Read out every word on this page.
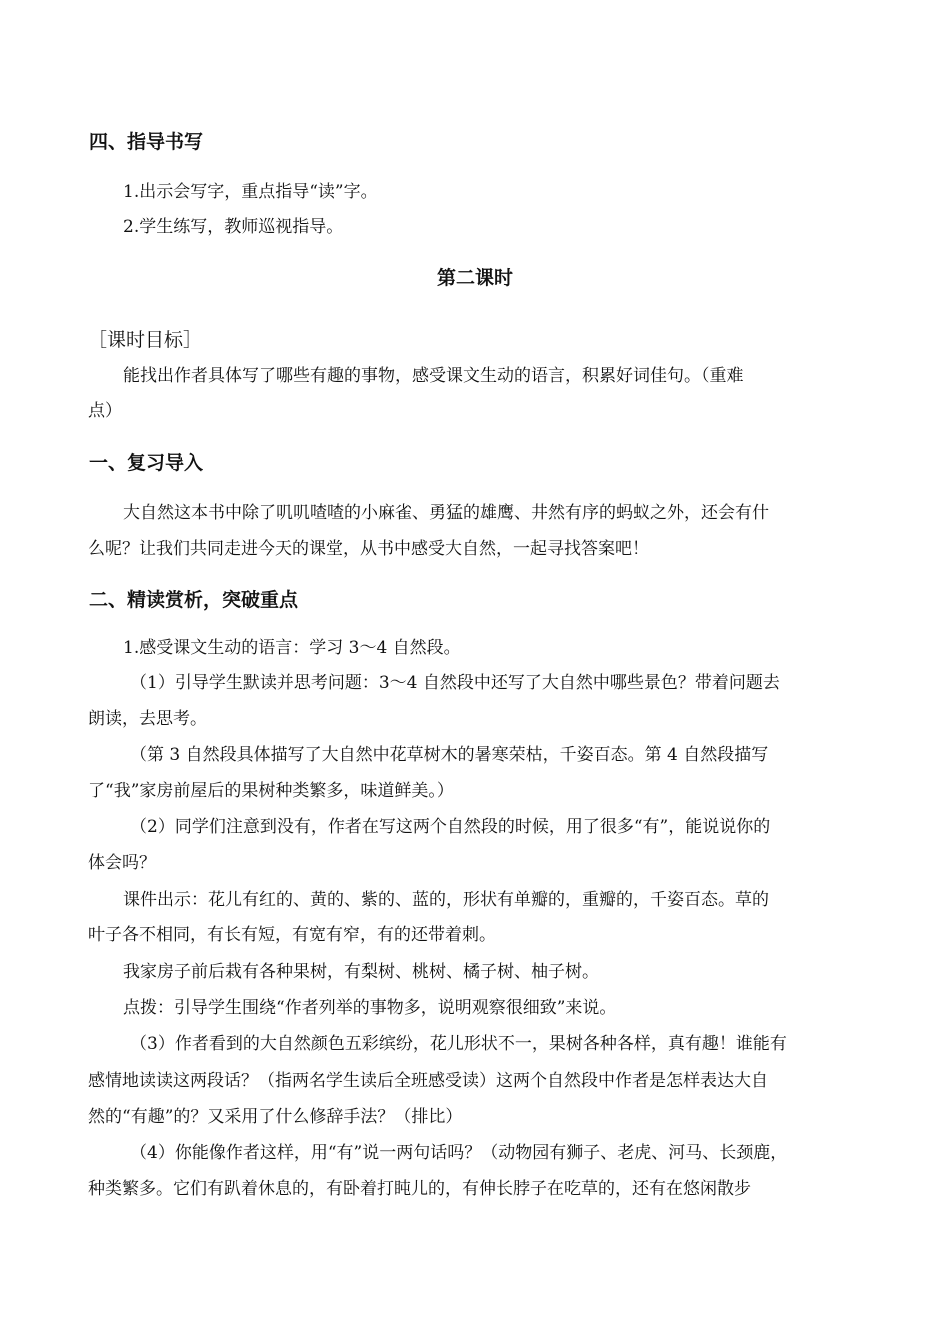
四、指导书写
1.出示会写字，重点指导“读”字。
2.学生练写，教师巡视指导。
第二课时
［课时目标］
能找出作者具体写了哪些有趣的事物，感受课文生动的语言，积累好词佳句。（重难
点）
一、复习导入
大自然这本书中除了叽叽喳喳的小麻雀、勇猛的雄鹰、井然有序的蚂蚁之外，还会有什
么呢？让我们共同走进今天的课堂，从书中感受大自然，一起寻找答案吧！
二、精读赏析，突破重点
1.感受课文生动的语言：学习 3～4 自然段。
（1）引导学生默读并思考问题：3～4 自然段中还写了大自然中哪些景色？带着问题去
朗读，去思考。
（第 3 自然段具体描写了大自然中花草树木的暑寒荣枯，千姿百态。第 4 自然段描写
了“我”家房前屋后的果树种类繁多，味道鲜美。）
（2）同学们注意到没有，作者在写这两个自然段的时候，用了很多“有”，能说说你的
体会吗？
课件出示：花儿有红的、黄的、紫的、蓝的，形状有单瓣的，重瓣的，千姿百态。草的
叶子各不相同，有长有短，有宽有窄，有的还带着刺。
我家房子前后栽有各种果树，有梨树、桃树、橘子树、柚子树。
点拨：引导学生围绕“作者列举的事物多，说明观察很细致”来说。
（3）作者看到的大自然颜色五彩缤纷，花儿形状不一，果树各种各样，真有趣！谁能有
感情地读读这两段话？（指两名学生读后全班感受读）这两个自然段中作者是怎样表达大自
然的“有趣”的？又采用了什么修辞手法？（排比）
（4）你能像作者这样，用“有”说一两句话吗？（动物园有狮子、老虎、河马、长颈鹿，
种类繁多。它们有趴着休息的，有卧着打盹儿的，有伸长脖子在吃草的，还有在悠闲散步
